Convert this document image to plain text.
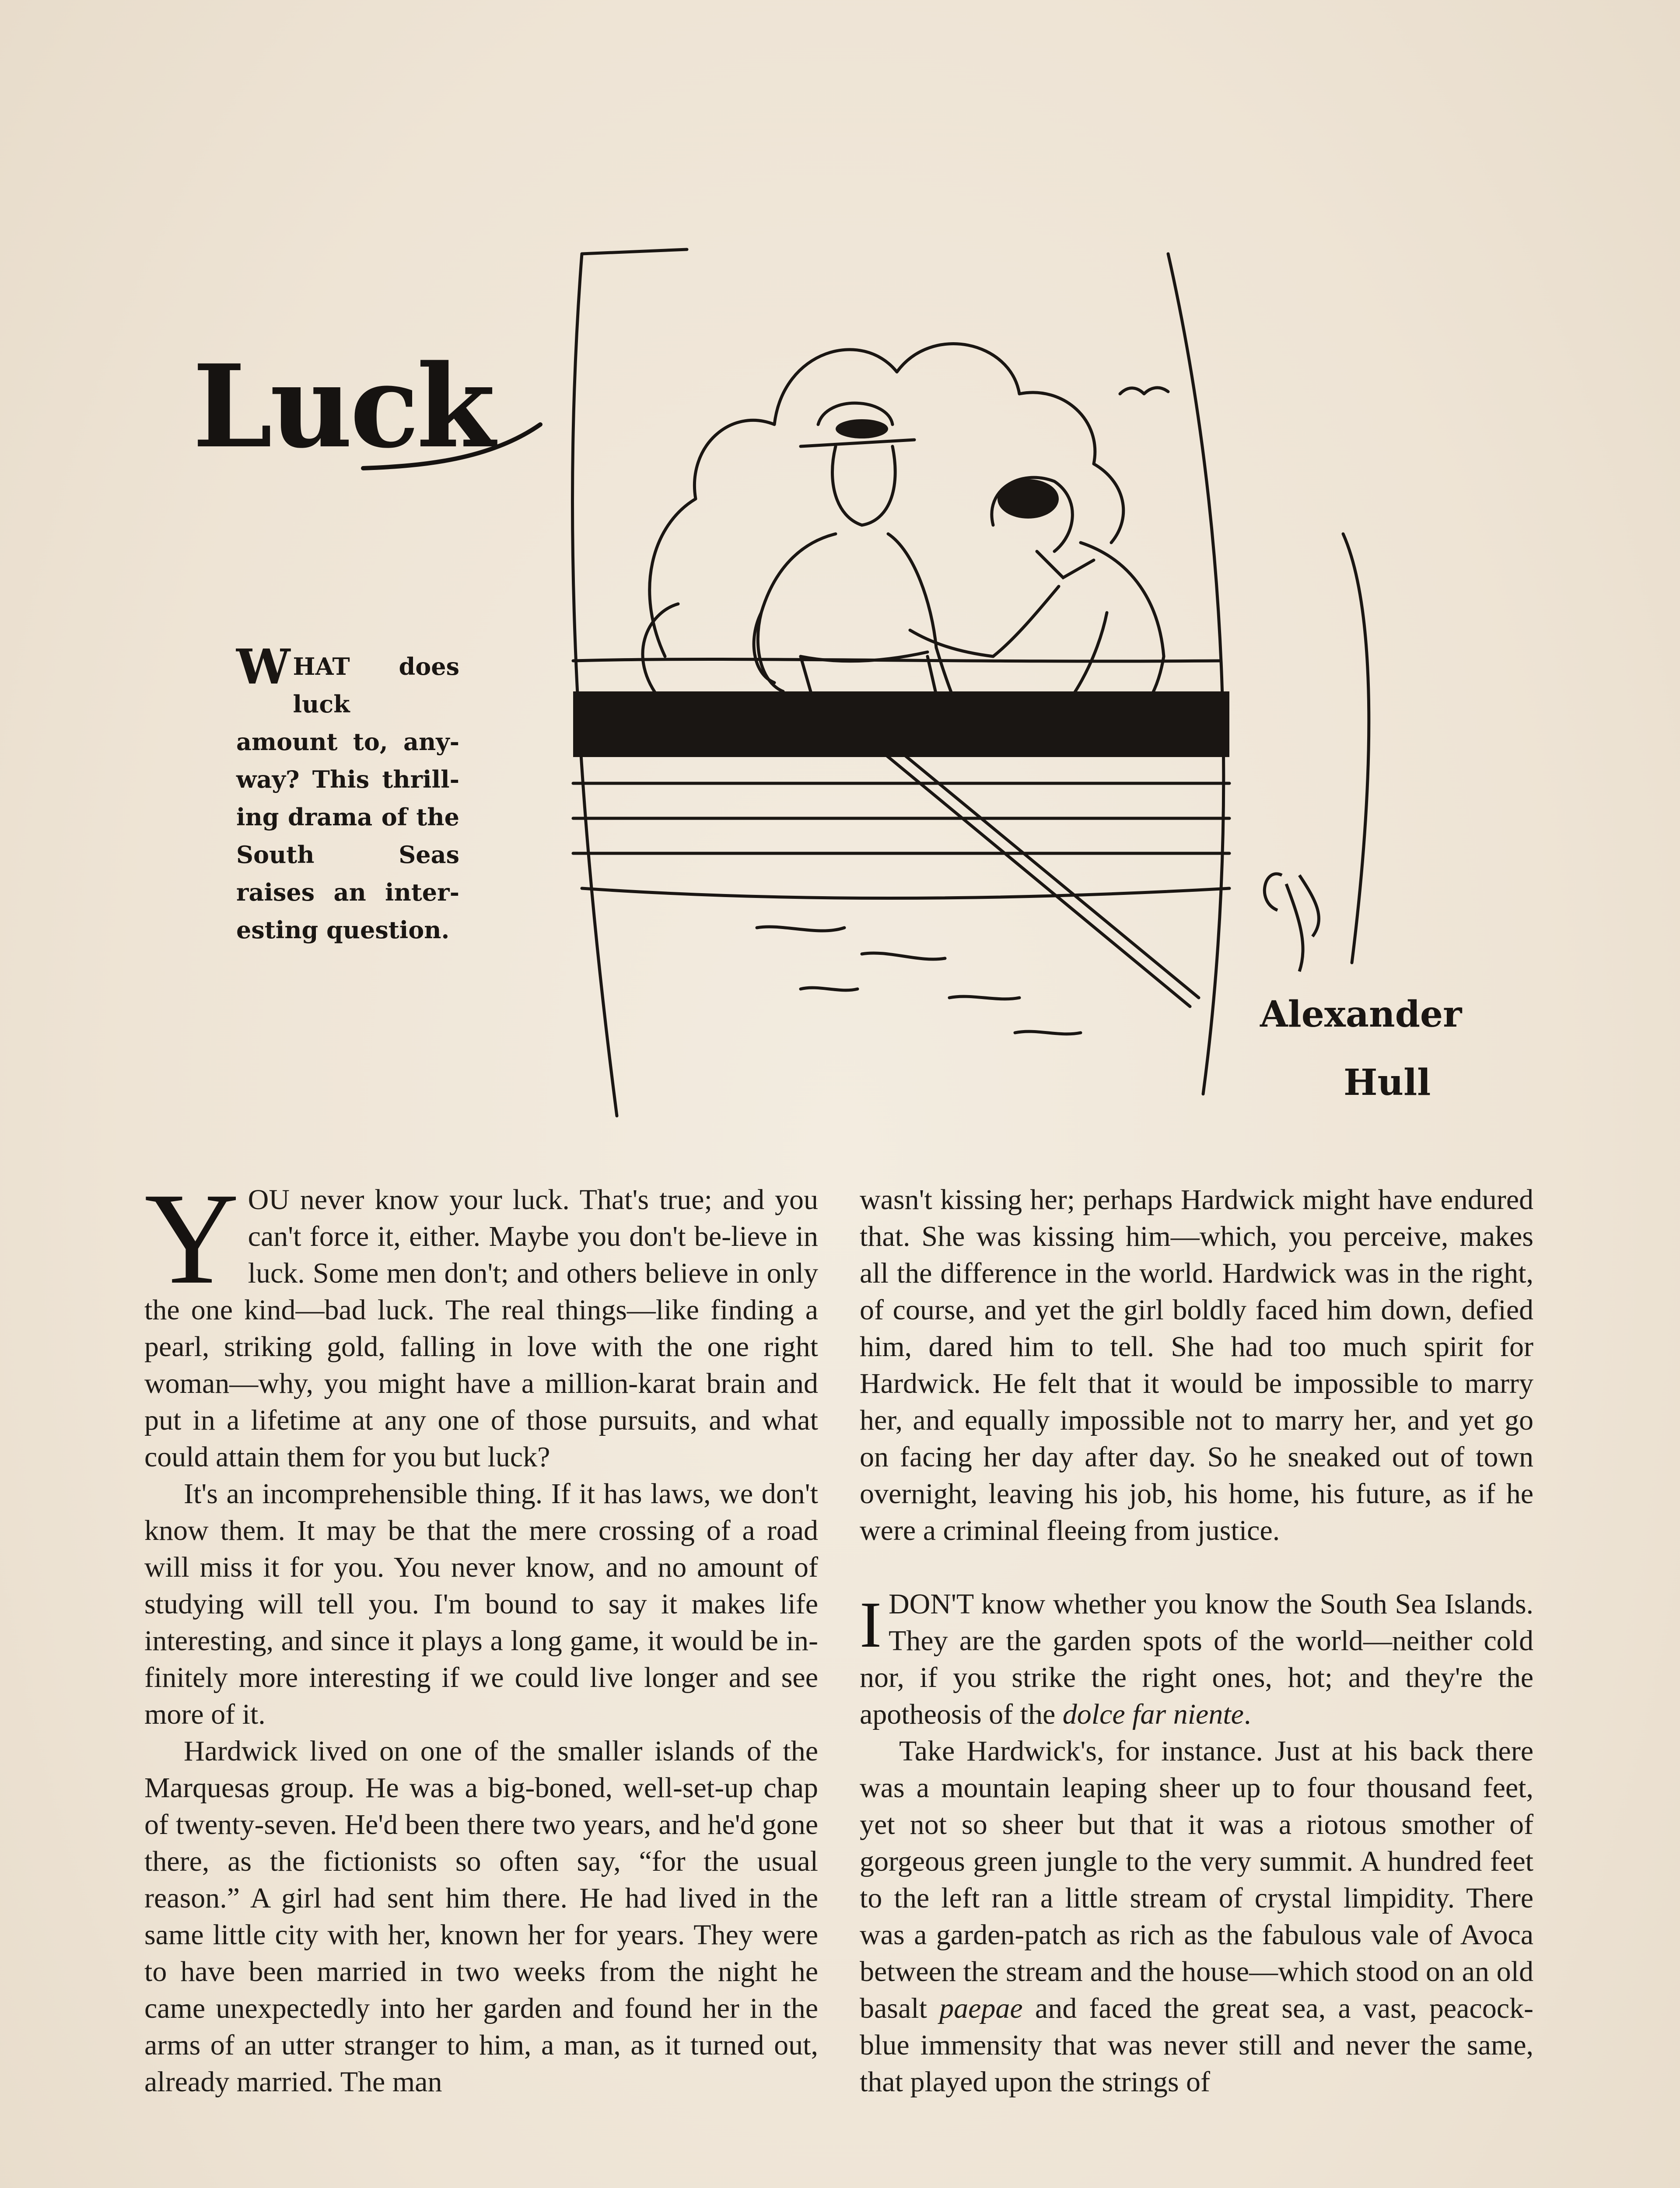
Luck
WHAT does luck amount to, any-way? This thrill-ing drama of the South Seas raises an inter-esting question.
Alexander
Hull
Y OU never know your luck. That's true; and you can't force it, either. Maybe you don't be-lieve in luck. Some men don't; and others believe in only the one kind—bad luck. The real things—like finding a pearl, striking gold, falling in love with the one right woman—why, you might have a million-karat brain and put in a lifetime at any one of those pursuits, and what could attain them for you but luck?

It's an incomprehensible thing. If it has laws, we don't know them. It may be that the mere crossing of a road will miss it for you. You never know, and no amount of studying will tell you. I'm bound to say it makes life interesting, and since it plays a long game, it would be in-finitely more interesting if we could live longer and see more of it.

Hardwick lived on one of the smaller islands of the Marquesas group. He was a big-boned, well-set-up chap of twenty-seven. He'd been there two years, and he'd gone there, as the fictionists so often say, “for the usual reason.” A girl had sent him there. He had lived in the same little city with her, known her for years. They were to have been married in two weeks from the night he came unexpectedly into her garden and found her in the arms of an utter stranger to him, a man, as it turned out, already married. The man

wasn't kissing her; perhaps Hardwick might have endured that. She was kissing him—which, you perceive, makes all the difference in the world. Hardwick was in the right, of course, and yet the girl boldly faced him down, defied him, dared him to tell. She had too much spirit for Hardwick. He felt that it would be impossible to marry her, and equally impossible not to marry her, and yet go on facing her day after day. So he sneaked out of town overnight, leaving his job, his home, his future, as if he were a criminal fleeing from justice.

IDON'T know whether you know the South Sea Islands. They are the garden spots of the world—neither cold nor, if you strike the right ones, hot; and they're the apotheosis of the dolce far niente.

Take Hardwick's, for instance. Just at his back there was a mountain leaping sheer up to four thousand feet, yet not so sheer but that it was a riotous smother of gorgeous green jungle to the very summit. A hundred feet to the left ran a little stream of crystal limpidity. There was a garden-patch as rich as the fabulous vale of Avoca between the stream and the house—which stood on an old basalt paepae and faced the great sea, a vast, peacock-blue immensity that was never still and never the same, that played upon the strings of
